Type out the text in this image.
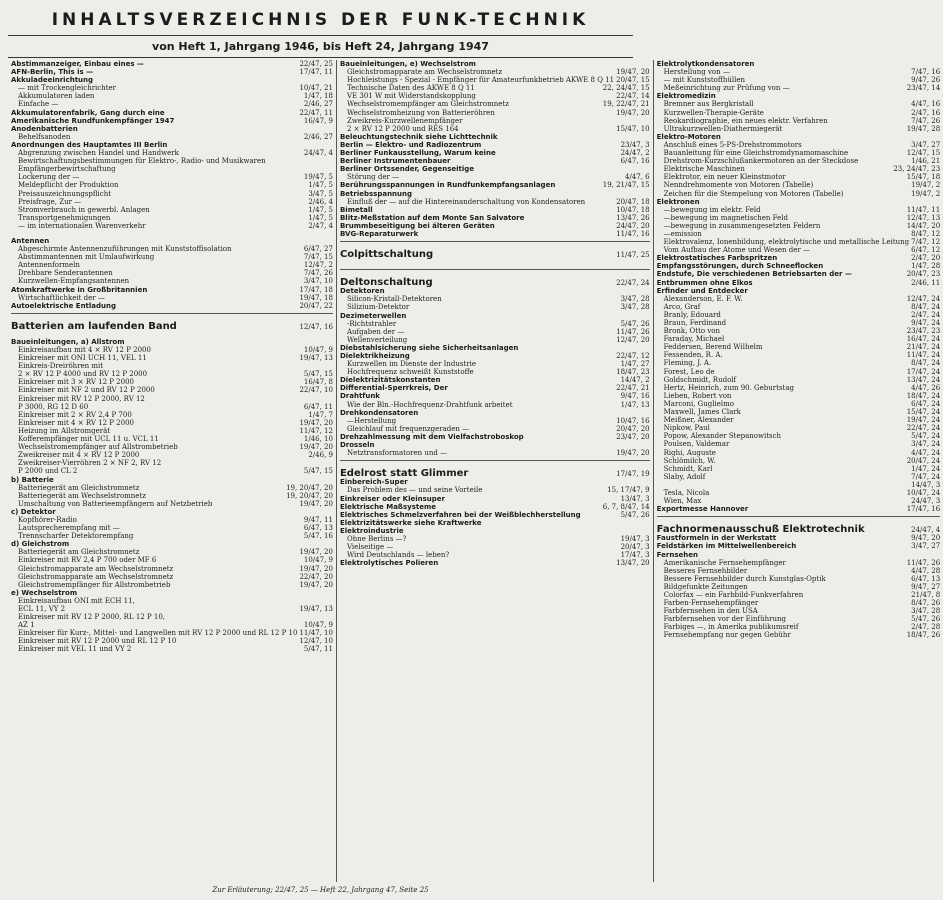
INHALTSVERZEICHNIS DER FUNK-TECHNIK
von Heft 1, Jahrgang 1946, bis Heft 24, Jahrgang 1947
Abstimmanzeiger, Einbau eines —	22/47, 25
AFN-Berlin, This is —	17/47, 11
Akkuladeeinrichtung
— mit Trockengleichrichter	10/47, 21
Akkumulatoren laden	1/47, 18
Einfache —	2/46, 27
Akkumulatorenfabrik, Gang durch eine	22/47, 11
Amerikanische Rundfunkempfänger 1947	16/47, 9
Anodenbatterien
Behelfsanoden	2/46, 27
Anordnungen des Hauptamtes III Berlin
Abgrenzung zwischen Handel und Handwerk	24/47, 4
Bewirtschaftungsbestimmungen für Elektro-, Radio- und Musikwaren
Empfängerbewirtschaftung
Lockerung der —	19/47, 5
Meldepflicht der Produktion	1/47, 5
Preisauszeichnungspflicht	3/47, 5
Preisfrage, Zur —	2/46, 4
Stromverbrauch in gewerbl. Anlagen	1/47, 5
Transportgenehmigungen	1/47, 5
— im internationalen Warenverkehr	2/47, 4
Antennen
Abgeschirmte Antennenzuführungen mit Kunststoffisolation	6/47, 27
Abstimmantennen mit Umlaufwirkung	7/47, 15
Antennenformeln	12/47, 2
Drehbare Senderantennen	7/47, 26
Kurzwellen-Empfangsantennen	3/47, 10
Atomkraftwerke in Großbritannien	17/47, 18
Wirtschaftlichkeit der —	19/47, 18
Autoelektrische Entladung	20/47, 22
Batterien am laufenden Band	12/47, 16
Baueinleitungen, a) Allstrom
Einkreisaufbau mit 4 × RV 12 P 2000	10/47, 9
Einkreiser mit ONI UCH 11, VEL 11	19/47, 13
Einkreis-Dreiröhren mit
2 × RV 12 P 4000 und RV 12 P 2000	5/47, 15
Einkreiser mit 3 × RV 12 P 2000	16/47, 8
Einkreiser mit NF 2 und RV 12 P 2000	22/47, 10
Einkreiser mit RV 12 P 2000, RV 12
P 3000, RG 12 D 60	6/47, 11
Einkreiser mit 2 × RV 2,4 P 700	1/47, 7
Einkreiser mit 4 × RV 12 P 2000	19/47, 20
Heizung im Allstromgerät	11/47, 12
Kofferempfänger mit UCL 11 u. VCL 11	1/46, 10
Wechselstromempfänger auf Allstrombetrieb	19/47, 20
Zweikreiser mit 4 × RV 12 P 2000	2/46, 9
Zweikreiser-Vierröhren 2 × NF 2, RV 12
P 2000 und CL 2	5/47, 15
b) Batterie
Batteriegerät am Gleichstromnetz	19, 20/47, 20
Batteriegerät am Wechselstromnetz	19, 20/47, 20
Umschaltung von Batterieempfängern auf Netzbetrieb	19/47, 20
c) Detektor
Kopfhörer-Radio	9/47, 11
Lautsprecherempfang mit —	6/47, 13
Trennscharfer Detektorempfang	5/47, 16
d) Gleichstrom
Batteriegerät am Gleichstromnetz	19/47, 20
Einkreiser mit RV 2,4 P 700 oder MF 6	10/47, 9
Gleichstromapparate am Wechselstromnetz	19/47, 20
Gleichstromapparate am Wechselstromnetz	22/47, 20
Gleichstromempfänger für Allstrombetrieb	19/47, 20
e) Wechselstrom
Einkreisaufbau ONI mit ECH 11,
ECL 11, VY 2	19/47, 13
Einkreiser mit RV 12 P 2000, RL 12 P 10,
AZ 1	10/47, 9
Einkreiser für Kurz-, Mittel- und Langwellen mit RV 12 P 2000 und RL 12 P 10 11/47, 10
Einkreiser mit RV 12 P 2000 und RL 12 P 10	12/47, 10
Einkreiser mit VEL 11 und VY 2	5/47, 11
Baueinleitungen, e) Wechselstrom
Gleichstromapparate am Wechselstromnetz	19/47, 20
Hochleistungs - Spezial - Empfänger für Amateurfunkbetrieb AKWE 8 Q 11 20/47, 15
Technische Daten des AKWE 8 Q 11	22, 24/47, 15
VE 301 W mit Widerstandskopplung	22/47, 14
Wechselstromempfänger am Gleichstromnetz	19, 22/47, 21
Wechselstromheizung von Batterieröhren	19/47, 20
Zweikreis-Kurzwellenempfänger
2 × RV 12 P 2000 und RES 164	15/47, 10
Beleuchtungstechnik siehe Lichttechnik
Berlin — Elektro- und Radiozentrum	23/47, 3
Berliner Funkausstellung, Warum keine	24/47, 2
Berliner Instrumentenbauer	6/47, 16
Berliner Ortssender, Gegenseitige
Störung der —	4/47, 6
Berührungsspannungen in Rundfunkempfangsanlagen	19, 21/47, 15
Betriebsspannung
Einfluß der — auf die Hintereinanderschaltung von Kondensatoren	20/47, 18
Bimetall	10/47, 18
Blitz-Meßstation auf dem Monte San Salvatore	13/47, 26
Brummbeseitigung bei älteren Geräten	24/47, 20
BVG-Reparaturwerk	11/47, 16
Colpittschaltung	11/47, 25
Deltonschaltung	22/47, 24
Detektoren
Silicon-Kristall-Detektoren	3/47, 28
Silizium-Detektor	3/47, 28
Dezimeterwellen
-Richtstrahler	5/47, 26
Aufgaben der —	11/47, 26
Wellenverteilung	12/47, 20
Diebstahlsicherung siehe Sicherheitsanlagen
Dielektrikheizung	22/47, 12
Kurzwellen im Dienste der Industrie	1/47, 27
Hochfrequenz schweißt Kunststoffe	18/47, 23
Dielektrizitätskonstanten	14/47, 2
Differential-Sperrkreis, Der	22/47, 21
Drahtfunk	9/47, 16
Wie der Bln.-Hochfrequenz-Drahtfunk arbeitet	1/47, 13
Drehkondensatoren
—Herstellung	10/47, 16
Gleichlauf mit frequenzgeraden —	20/47, 20
Drehzahlmessung mit dem Vielfachstroboskop	23/47, 20
Drosseln
Netztransformatoren und —	19/47, 20
Edelrost statt Glimmer	17/47, 19
Einbereich-Super
Das Problem des — und seine Vorteile	15, 17/47, 9
Einkreiser oder Kleinsuper	13/47, 3
Elektrische Maßsysteme	6, 7, 8/47, 14
Elektrisches Schmelzverfahren bei der Weißblechherstellung	5/47, 26
Elektrizitätswerke siehe Kraftwerke
Elektroindustrie
Ohne Berlins —?	19/47, 3
Vielseitige —	20/47, 3
Wird Deutschlands — leben?	17/47, 3
Elektrolytisches Polieren	13/47, 20
Elektrolytkondensatoren
Herstellung von —	7/47, 16
— mit Kunststoffhüllen	9/47, 26
Meßeinrichtung zur Prüfung von —	23/47, 14
Elektromedizin
Bremner aus Bergkristall	4/47, 16
Kurzwellen-Therapie-Geräte	2/47, 16
Reokardiographie, ein neues elektr. Verfahren	7/47, 26
Ultrakurzwellen-Diathermiegerät	19/47, 28
Elektro-Motoren
Anschluß eines 5-PS-Drehstrommotors	3/47, 27
Bauanleitung für eine Gleichstromdynamomaschine	12/47, 15
Drehstrom-Kurzschlußankermotoren an der Steckdose	1/46, 21
Elektrische Maschinen	23, 24/47, 23
Elektrotor, ein neuer Kleinstmotor	15/47, 18
Nenndrehmomente von Motoren (Tabelle)	19/47, 2
Zeichen für die Stempelung von Motoren (Tabelle)	19/47, 2
Elektronen
—bewegung im elektr. Feld	11/47, 11
—bewegung im magnetischen Feld	12/47, 13
—bewegung in zusammengesetzten Feldern	14/47, 20
—emission	8/47, 12
Elektrovalenz, Ionenbildung, elektrolytische und metallische Leitung 7/47, 12
Vom Aufbau der Atome und Wesen der —	6/47, 12
Elektrostatisches Farbspritzen	2/47, 20
Empfangsstörungen, durch Schneeflocken	1/47, 28
Endstufe, Die verschiedenen Betriebsarten der —	20/47, 23
Entbrummen ohne Elkos	2/46, 11
Erfinder und Entdecker
Alexanderson, E. F. W.	12/47, 24
Arco, Graf	8/47, 24
Branly, Edouard	2/47, 24
Braun, Ferdinand	9/47, 24
Bronk, Otto von	23/47, 23
Faraday, Michael	16/47, 24
Feddersen, Berend Wilhelm	21/47, 24
Fessenden, R. A.	11/47, 24
Fleming, J. A.	8/47, 24
Forest, Leo de	17/47, 24
Goldschmidt, Rudolf	13/47, 24
Hertz, Heinrich, zum 90. Geburtstag	4/47, 26
Lieben, Robert von	18/47, 24
Marconi, Guglielmo	6/47, 24
Maxwell, James Clark	15/47, 24
Meißner, Alexander	19/47, 24
Nipkow, Paul	22/47, 24
Popow, Alexander Stepanowitsch	5/47, 24
Poulsen, Valdemar	3/47, 24
Righi, Auguste	4/47, 24
Schlömilch, W.	20/47, 24
Schmidt, Karl	1/47, 24
Slaby, Adolf	7/47, 24
14/47, 3
Tesla, Nicola	10/47, 24
Wien, Max	24/47, 3
Exportmesse Hannover	17/47, 16
Fachnormenausschuß Elektrotechnik	24/47, 4
Faustformeln in der Werkstatt	9/47, 20
Feldstärken im Mittelwellenbereich	3/47, 27
Fernsehen
Amerikanische Fernsehempfänger	11/47, 26
Besseres Fernsehbilder	4/47, 28
Bessere Fernsehbilder durch Kunstglas-Optik	6/47, 13
Bildgefunkte Zeitungen	9/47, 27
Colorfax — ein Farbbild-Funkverfahren	21/47, 8
Farben-Fernsehempfänger	8/47, 26
Farbfernsehen in den USA	3/47, 28
Farbfernsehen vor der Einführung	5/47, 26
Farbiges —, in Amerika publikumsreif	2/47, 28
Fernsehempfang nur gegen Gebühr	18/47, 26
Zur Erläuterung; 22/47, 25 — Heft 22, Jahrgang 47, Seite 25
